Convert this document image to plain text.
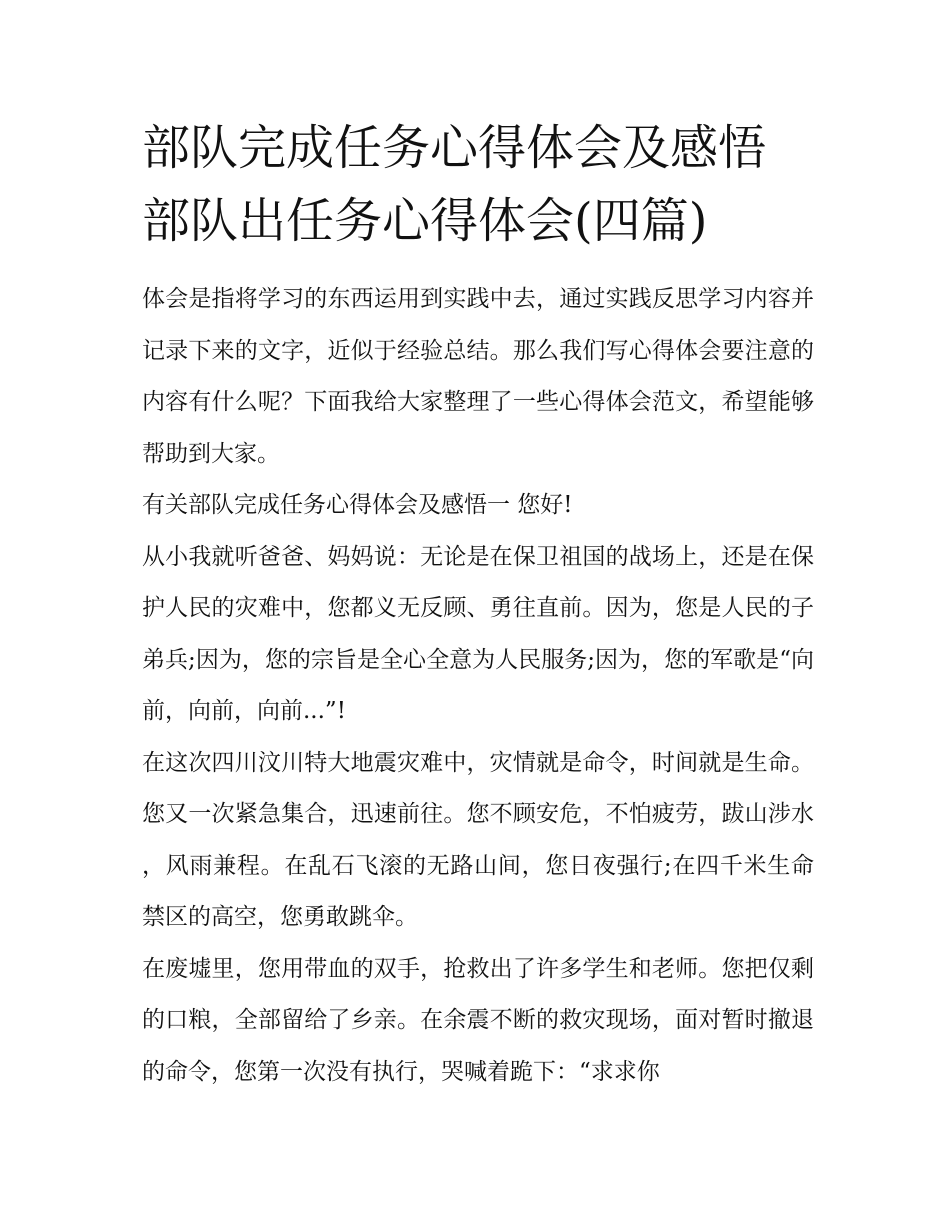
部队完成任务心得体会及感悟
部队出任务心得体会(四篇)

体会是指将学习的东西运用到实践中去，通过实践反思学习内容并记录下来的文字，近似于经验总结。那么我们写心得体会要注意的内容有什么呢？下面我给大家整理了一些心得体会范文，希望能够帮助到大家。

有关部队完成任务心得体会及感悟一 您好!

从小我就听爸爸、妈妈说：无论是在保卫祖国的战场上，还是在保护人民的灾难中，您都义无反顾、勇往直前。因为，您是人民的子弟兵;因为，您的宗旨是全心全意为人民服务;因为，您的军歌是“向前，向前，向前...”!

在这次四川汶川特大地震灾难中，灾情就是命令，时间就是生命。您又一次紧急集合，迅速前往。您不顾安危，不怕疲劳，跋山涉水，风雨兼程。在乱石飞滚的无路山间，您日夜强行;在四千米生命禁区的高空，您勇敢跳伞。

在废墟里，您用带血的双手，抢救出了许多学生和老师。您把仅剩的口粮，全部留给了乡亲。在余震不断的救灾现场，面对暂时撤退的命令，您第一次没有执行，哭喊着跪下：“求求你
